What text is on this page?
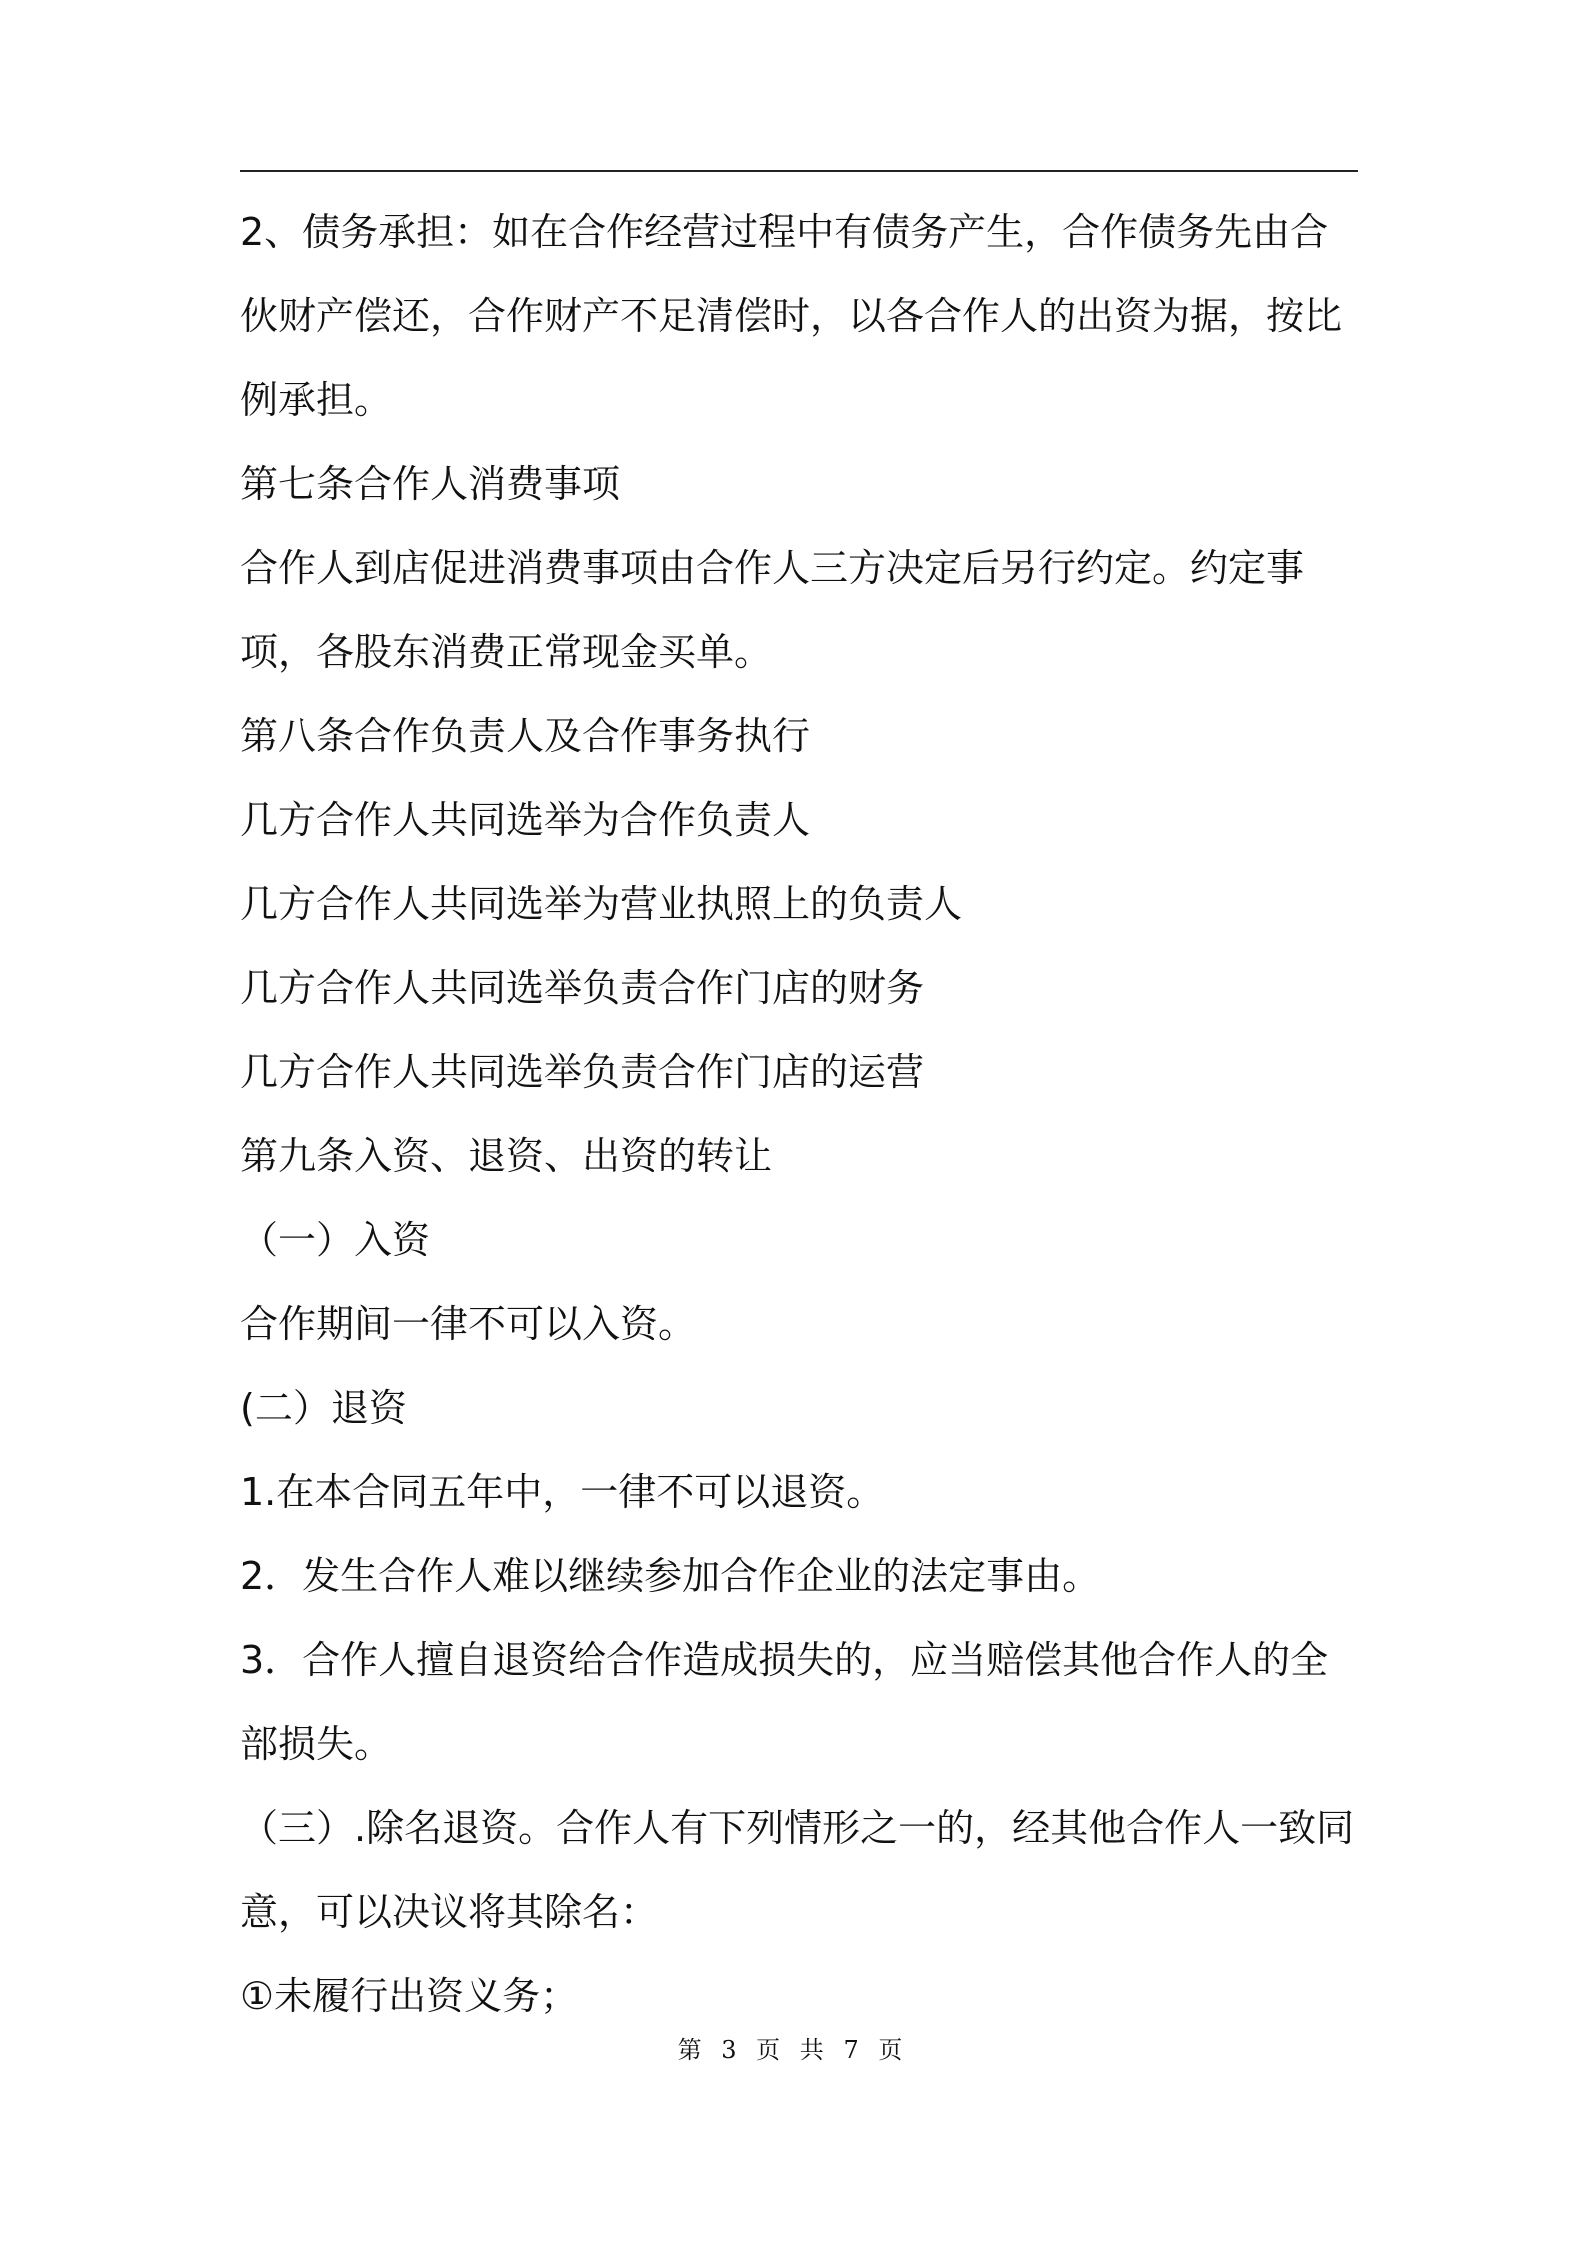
2、债务承担：如在合作经营过程中有债务产生，合作债务先由合伙财产偿还，合作财产不足清偿时，以各合作人的出资为据，按比例承担。

第七条合作人消费事项

合作人到店促进消费事项由合作人三方决定后另行约定。约定事项，各股东消费正常现金买单。

第八条合作负责人及合作事务执行

几方合作人共同选举为合作负责人

几方合作人共同选举为营业执照上的负责人

几方合作人共同选举负责合作门店的财务

几方合作人共同选举负责合作门店的运营

第九条入资、退资、出资的转让

（一）入资

合作期间一律不可以入资。

(二）退资

1.在本合同五年中，一律不可以退资。

2．发生合作人难以继续参加合作企业的法定事由。

3．合作人擅自退资给合作造成损失的，应当赔偿其他合作人的全部损失。

（三）.除名退资。合作人有下列情形之一的，经其他合作人一致同意，可以决议将其除名：

①未履行出资义务；

第 3 页 共 7 页
